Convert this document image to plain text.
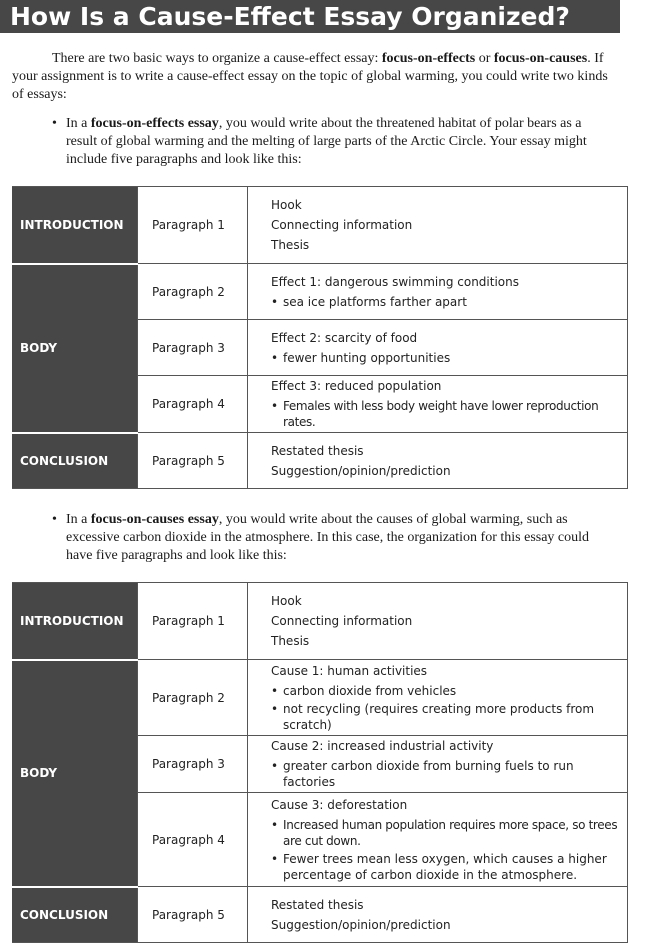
How Is a Cause-Effect Essay Organized?

There are two basic ways to organize a cause-effect essay: focus-on-effects or focus-on-causes. If your assignment is to write a cause-effect essay on the topic of global warming, you could write two kinds of essays:

• In a focus-on-effects essay, you would write about the threatened habitat of polar bears as a result of global warming and the melting of large parts of the Arctic Circle. Your essay might include five paragraphs and look like this:

INTRODUCTION	Paragraph 1	Hook
Connecting information
Thesis

BODY	Paragraph 2	Effect 1: dangerous swimming conditions
• sea ice platforms farther apart

	Paragraph 3	Effect 2: scarcity of food
• fewer hunting opportunities

	Paragraph 4	Effect 3: reduced population
• Females with less body weight have lower reproduction rates.

CONCLUSION	Paragraph 5	Restated thesis
Suggestion/opinion/prediction

• In a focus-on-causes essay, you would write about the causes of global warming, such as excessive carbon dioxide in the atmosphere. In this case, the organization for this essay could have five paragraphs and look like this:

INTRODUCTION	Paragraph 1	Hook
Connecting information
Thesis

BODY	Paragraph 2	Cause 1: human activities
• carbon dioxide from vehicles
• not recycling (requires creating more products from scratch)

	Paragraph 3	Cause 2: increased industrial activity
• greater carbon dioxide from burning fuels to run factories

	Paragraph 4	Cause 3: deforestation
• Increased human population requires more space, so trees are cut down.
• Fewer trees mean less oxygen, which causes a higher percentage of carbon dioxide in the atmosphere.

CONCLUSION	Paragraph 5	Restated thesis
Suggestion/opinion/prediction
